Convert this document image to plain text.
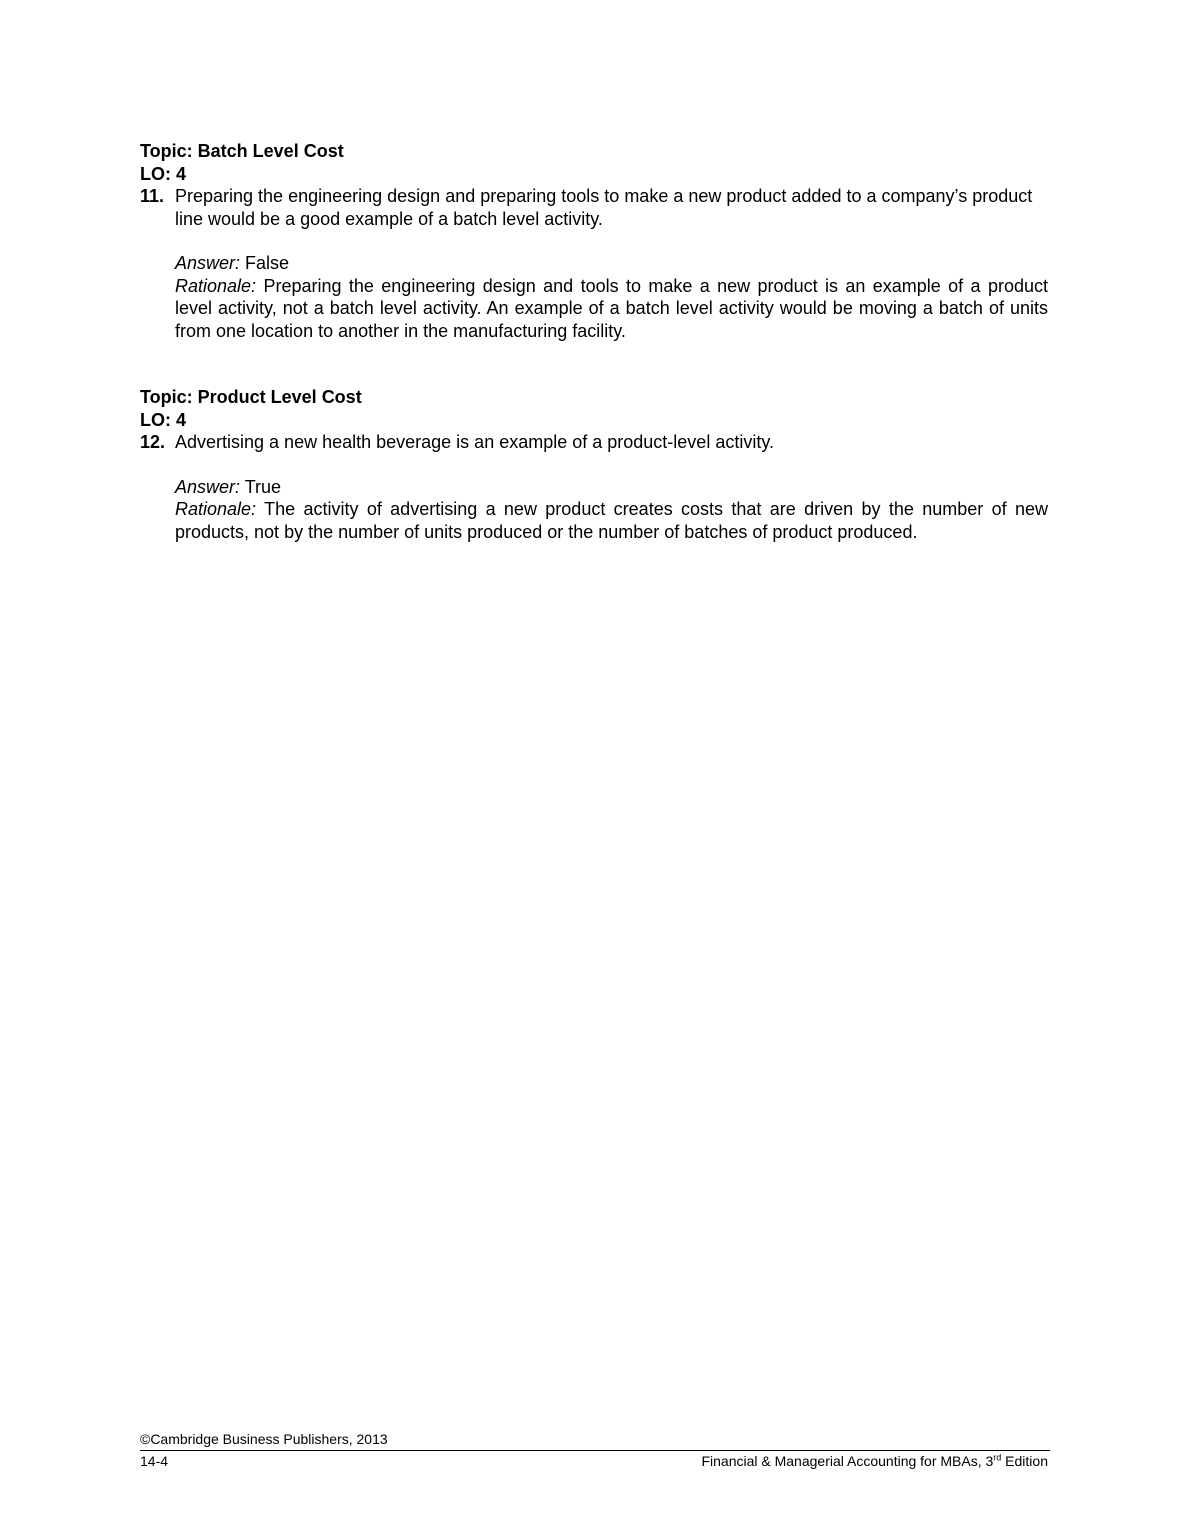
Topic: Batch Level Cost

LO: 4

11. Preparing the engineering design and preparing tools to make a new product added to a company’s product line would be a good example of a batch level activity.

Answer: False

Rationale: Preparing the engineering design and tools to make a new product is an example of a product level activity, not a batch level activity. An example of a batch level activity would be moving a batch of units from one location to another in the manufacturing facility.

Topic: Product Level Cost

LO: 4

12. Advertising a new health beverage is an example of a product-level activity.

Answer: True

Rationale: The activity of advertising a new product creates costs that are driven by the number of new products, not by the number of units produced or the number of batches of product produced.

©Cambridge Business Publishers, 2013
14-4	Financial & Managerial Accounting for MBAs, 3rd Edition
